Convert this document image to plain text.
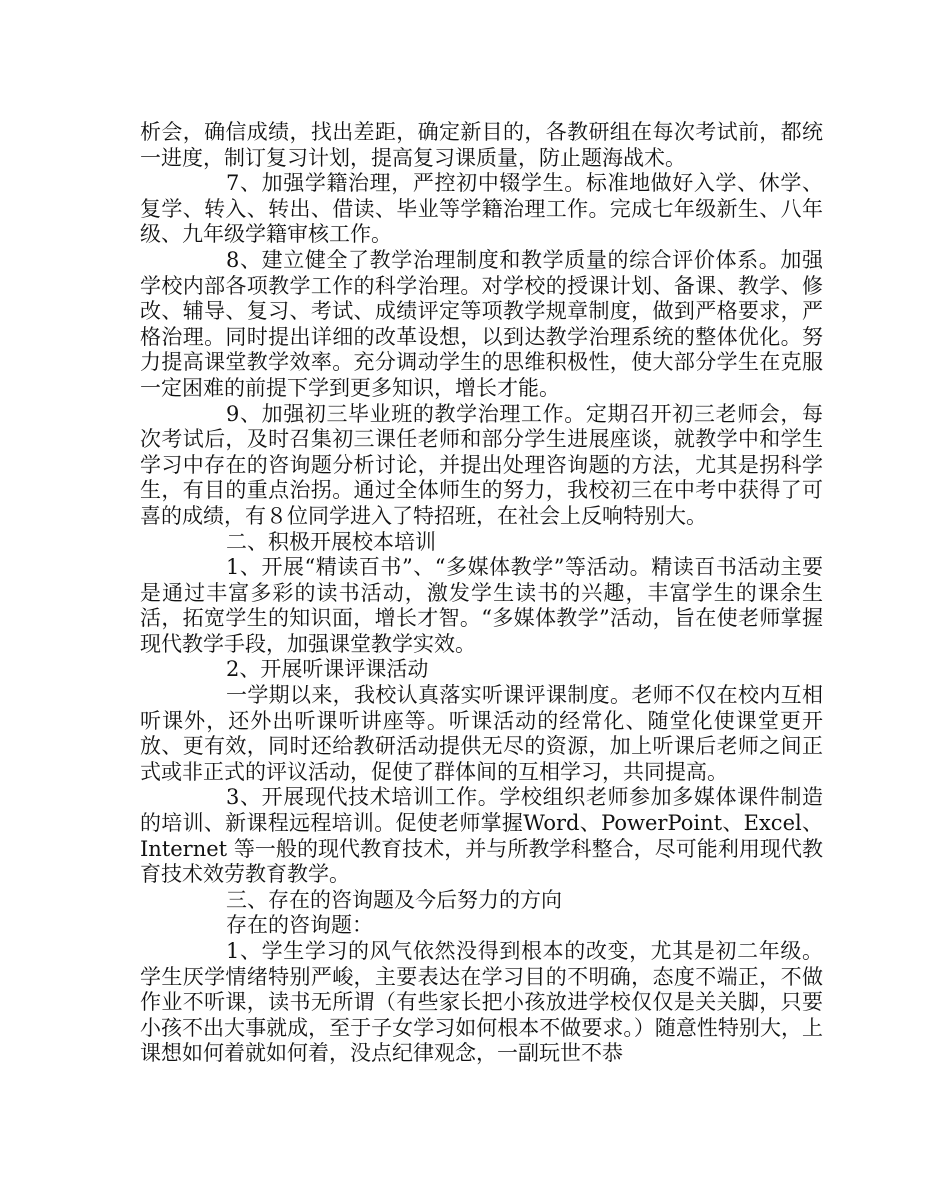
析会，确信成绩，找出差距，确定新目的，各教研组在每次考试前，都统一进度，制订复习计划，提高复习课质量，防止题海战术。

7、加强学籍治理，严控初中辍学生。标准地做好入学、休学、复学、转入、转出、借读、毕业等学籍治理工作。完成七年级新生、八年级、九年级学籍审核工作。

8、建立健全了教学治理制度和教学质量的综合评价体系。加强学校内部各项教学工作的科学治理。对学校的授课计划、备课、教学、修改、辅导、复习、考试、成绩评定等项教学规章制度，做到严格要求，严格治理。同时提出详细的改革设想，以到达教学治理系统的整体优化。努力提高课堂教学效率。充分调动学生的思维积极性，使大部分学生在克服一定困难的前提下学到更多知识，增长才能。

9、加强初三毕业班的教学治理工作。定期召开初三老师会，每次考试后，及时召集初三课任老师和部分学生进展座谈，就教学中和学生学习中存在的咨询题分析讨论，并提出处理咨询题的方法，尤其是拐科学生，有目的重点治拐。通过全体师生的努力，我校初三在中考中获得了可喜的成绩，有８位同学进入了特招班，在社会上反响特别大。

二、积极开展校本培训

1、开展“精读百书”、“多媒体教学”等活动。精读百书活动主要是通过丰富多彩的读书活动，激发学生读书的兴趣，丰富学生的课余生活，拓宽学生的知识面，增长才智。“多媒体教学”活动，旨在使老师掌握现代教学手段，加强课堂教学实效。

2、开展听课评课活动

一学期以来，我校认真落实听课评课制度。老师不仅在校内互相听课外，还外出听课听讲座等。听课活动的经常化、随堂化使课堂更开放、更有效，同时还给教研活动提供无尽的资源，加上听课后老师之间正式或非正式的评议活动，促使了群体间的互相学习，共同提高。

3、开展现代技术培训工作。学校组织老师参加多媒体课件制造的培训、新课程远程培训。促使老师掌握Word、PowerPoint、Excel、Internet 等一般的现代教育技术，并与所教学科整合，尽可能利用现代教育技术效劳教育教学。

三、存在的咨询题及今后努力的方向

存在的咨询题：

1、学生学习的风气依然没得到根本的改变，尤其是初二年级。学生厌学情绪特别严峻，主要表达在学习目的不明确，态度不端正，不做作业不听课，读书无所谓（有些家长把小孩放进学校仅仅是关关脚，只要小孩不出大事就成，至于子女学习如何根本不做要求。）随意性特别大，上课想如何着就如何着，没点纪律观念，一副玩世不恭
